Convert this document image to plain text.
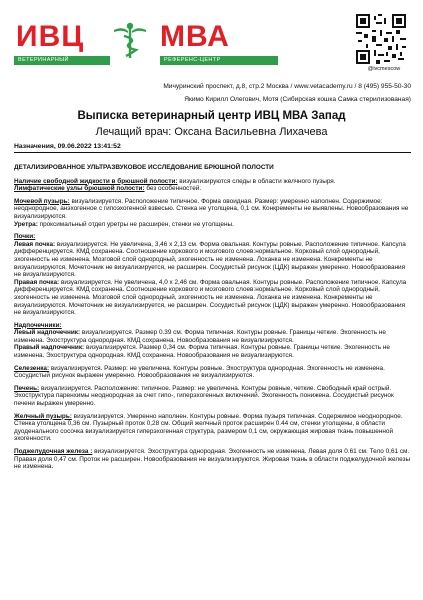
ИВЦ	МВА
ВЕТЕРИНАРНЫЙ	РЕФЕРЕНС-ЦЕНТР
@ivcmescow
Мичуринский проспект, д.8, стр.2 Москва / www.vetacademy.ru / 8 (495) 955-50-30
Якимо Кирилл Олегович, Мотя (Сибирская кошка Самка стерилизованая)
Выписка ветеринарный центр ИВЦ МВА Запад
Лечащий врач: Оксана Васильевна Лихачева
Назначения, 09.06.2022 13:41:52
ДЕТАЛИЗИРОВАННОЕ УЛЬТРАЗВУКОВОЕ ИССЛЕДОВАНИЕ БРЮШНОЙ ПОЛОСТИ

Наличие свободной жидкости в брюшной полости: визуализируются следы в области желчного пузыря.
Лимфатические узлы брюшной полости: без особенностей.

Мочевой пузырь: визуализируется. Расположение типичное. Форма овоидная. Размер: умеренно наполнен. Содержимое: неоднородное, анэхогенное с гипоэхогенной взвесью. Стенка не утолщена, 0,1 см. Конкременты не выявлены. Новообразования не визуализируются.
Уретра: проксимальный отдел уретры не расширен, стенки не утолщены.

Почки:
Левая почка: визуализируется. Не увеличена, 3,46 х 2,13 см. Форма овальная. Контуры ровные. Расположение типичное. Капсула дифференцируется. КМД сохранена. Соотношение коркового и мозгового слоев:нормальное. Корковый слой однородный, эхогенность не изменена. Мозговой слой однородный, эхогенность не изменена. Лоханка не изменена. Конкременты не визуализируются. Мочеточник не визуализируется, не расширен. Сосудистый рисунок (ЦДК) выражен умеренно. Новообразования не визуализируются.
Правая почка: визуализируется. Не увеличена, 4,0 х 2,46 см. Форма овальная. Контуры ровные. Расположение типичное. Капсула дифференцируется. КМД сохранена. Соотношение коркового и мозгового слоев:нормальное. Корковый слой однородный, эхогенность не изменена. Мозговой слой однородный, эхогенность не изменена. Лоханка не изменена. Конкременты не визуализируются. Мочеточник не визуализируется, не расширен. Сосудистый рисунок (ЦДК) выражен умеренно. Новообразования не визуализируются.

Надпочечники:
Левый надпочечник: визуализируется. Размер 0.39 см. Форма типичная. Контуры ровные. Границы четкие. Эхогенность не изменена. Эхоструктура однородная. КМД сохранена. Новообразования не визуализируются.
Правый надпочечник: визуализируется. Размер 0,34 см. Форма типичная. Контуры ровные. Границы четкие. Эхогенность не изменена. Эхоструктура однородная. КМД сохранена. Новообразования не визуализируются.

Селезенка: визуализируется. Размер: не увеличена. Контуры ровные. Эхоструктура однородная. Эхогенность не изменена. Сосудистый рисунок выражен умеренно. Новообразования не визуализируются.

Печень: визуализируется. Расположение: типичное. Размер: не увеличена. Контуры ровные, четкие. Свободный край острый. Эхоструктура паренхимы неоднородная за счет гипо-, гиперэхогенных включений. Эхогенность понижена. Сосудистый рисунок печени выражен умеренно.

Желчный пузырь: визуализируется. Умеренно наполнен. Контуры ровные. Форма пузыря типичная. Содержимое неоднородное. Стенка утолщена 0,36 см. Пузырный проток 0,28 см. Общий желчный проток расширен 0.44 см, стенки утолщены, в области дуоденального сосочка визуализируется гиперэхогенная структура, размером 0,1 см, окружающая жировая ткань повышенной эхогенности.

Поджелудочная железа : визуализируется. Эхоструктура однородная. Эхогенность не изменена. Левая доля 0.61 см. Тело 0,61 см. Правая доля 0,47 см. Проток не расширен. Новообразования не визуализируются. Жировая ткань в области поджелудочной железы не изменена.
